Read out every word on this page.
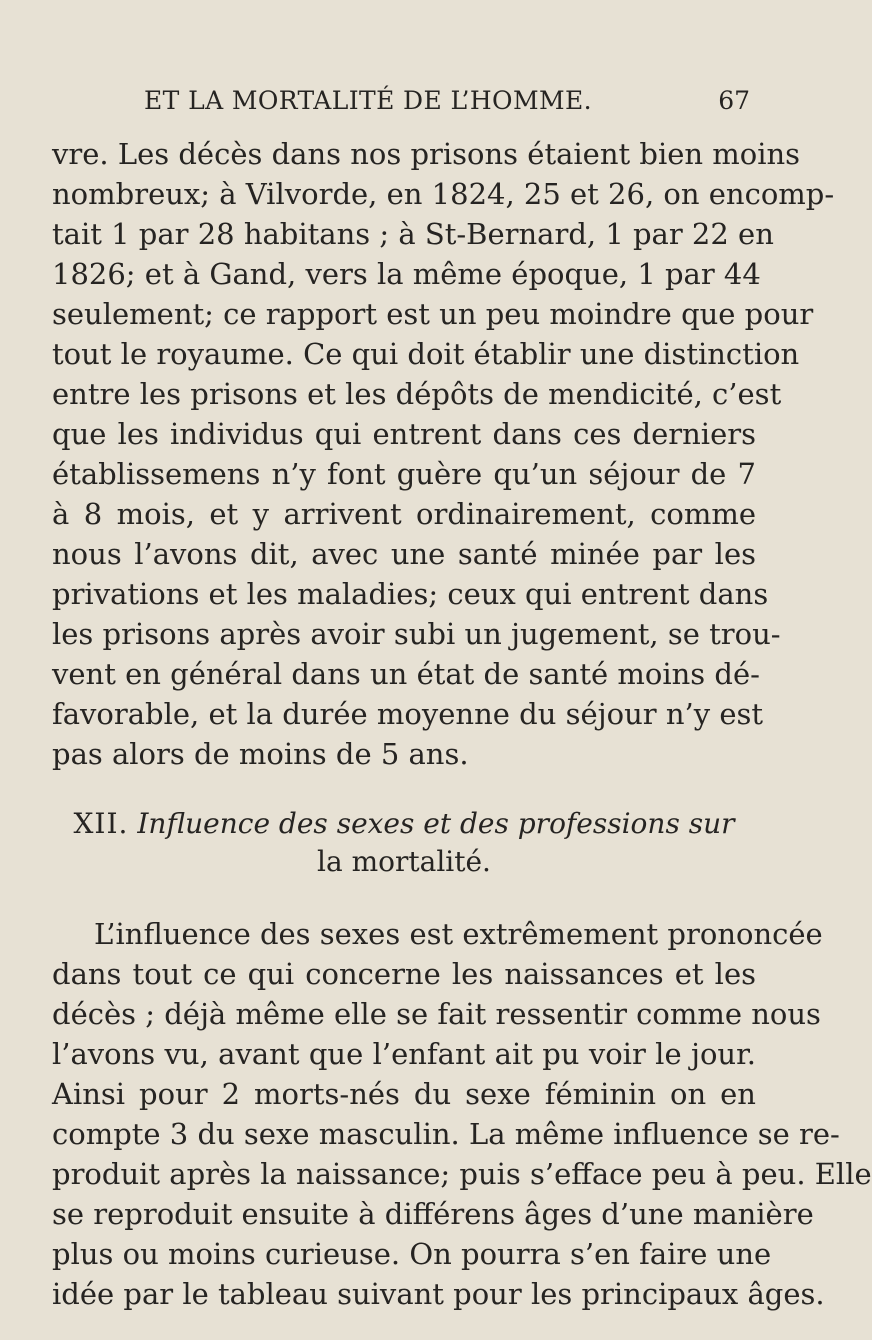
ET LA MORTALITÉ DE L’HOMME.	67
vre. Les décès dans nos prisons étaient bien moins
nombreux; à Vilvorde, en 1824, 25 et 26, on encomp-
tait 1 par 28 habitans ; à St-Bernard, 1 par 22 en
1826; et à Gand, vers la même époque, 1 par 44
seulement; ce rapport est un peu moindre que pour
tout le royaume. Ce qui doit établir une distinction
entre les prisons et les dépôts de mendicité, c’est
que les individus qui entrent dans ces derniers
établissemens n’y font guère qu’un séjour de 7
à 8 mois, et y arrivent ordinairement, comme
nous l’avons dit, avec une santé minée par les
privations et les maladies; ceux qui entrent dans
les prisons après avoir subi un jugement, se trou-
vent en général dans un état de santé moins dé-
favorable, et la durée moyenne du séjour n’y est
pas alors de moins de 5 ans.
XII. Influence des sexes et des professions sur
la mortalité.
L’influence des sexes est extrêmement prononcée
dans tout ce qui concerne les naissances et les
décès ; déjà même elle se fait ressentir comme nous
l’avons vu, avant que l’enfant ait pu voir le jour.
Ainsi pour 2 morts-nés du sexe féminin on en
compte 3 du sexe masculin. La même influence se re-
produit après la naissance; puis s’efface peu à peu. Elle
se reproduit ensuite à différens âges d’une manière
plus ou moins curieuse. On pourra s’en faire une
idée par le tableau suivant pour les principaux âges.
